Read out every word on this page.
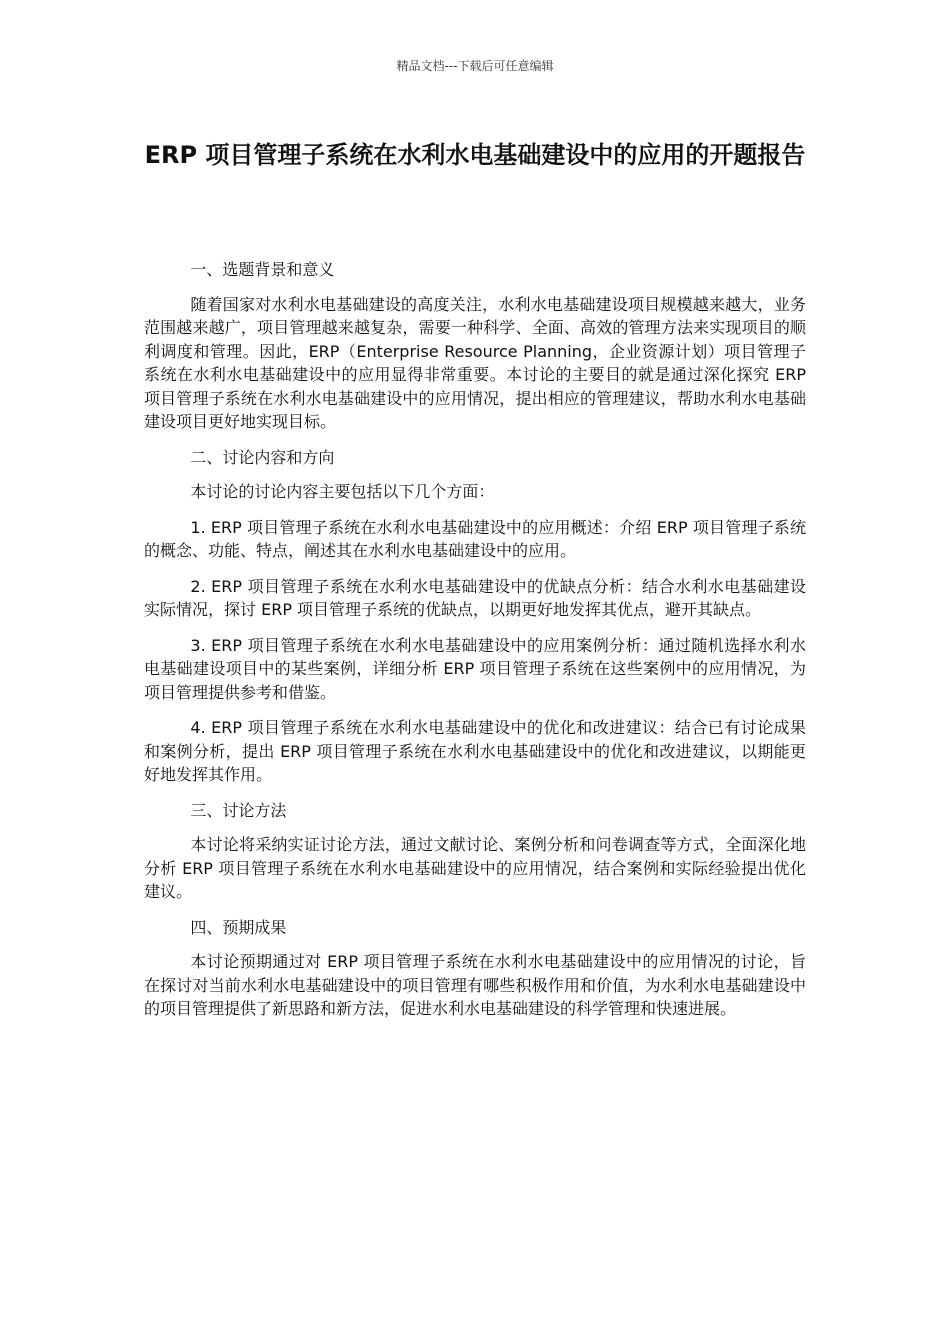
精品文档---下载后可任意编辑
ERP 项目管理子系统在水利水电基础建设中的应用的开题报告

一、选题背景和意义

随着国家对水利水电基础建设的高度关注，水利水电基础建设项目规模越来越大，业务范围越来越广，项目管理越来越复杂，需要一种科学、全面、高效的管理方法来实现项目的顺利调度和管理。因此，ERP（Enterprise Resource Planning，企业资源计划）项目管理子系统在水利水电基础建设中的应用显得非常重要。本讨论的主要目的就是通过深化探究 ERP 项目管理子系统在水利水电基础建设中的应用情况，提出相应的管理建议，帮助水利水电基础建设项目更好地实现目标。

二、讨论内容和方向

本讨论的讨论内容主要包括以下几个方面：

1. ERP 项目管理子系统在水利水电基础建设中的应用概述：介绍 ERP 项目管理子系统的概念、功能、特点，阐述其在水利水电基础建设中的应用。

2. ERP 项目管理子系统在水利水电基础建设中的优缺点分析：结合水利水电基础建设实际情况，探讨 ERP 项目管理子系统的优缺点，以期更好地发挥其优点，避开其缺点。

3. ERP 项目管理子系统在水利水电基础建设中的应用案例分析：通过随机选择水利水电基础建设项目中的某些案例，详细分析 ERP 项目管理子系统在这些案例中的应用情况，为项目管理提供参考和借鉴。

4. ERP 项目管理子系统在水利水电基础建设中的优化和改进建议：结合已有讨论成果和案例分析，提出 ERP 项目管理子系统在水利水电基础建设中的优化和改进建议，以期能更好地发挥其作用。

三、讨论方法

本讨论将采纳实证讨论方法，通过文献讨论、案例分析和问卷调查等方式，全面深化地分析 ERP 项目管理子系统在水利水电基础建设中的应用情况，结合案例和实际经验提出优化建议。

四、预期成果

本讨论预期通过对 ERP 项目管理子系统在水利水电基础建设中的应用情况的讨论，旨在探讨对当前水利水电基础建设中的项目管理有哪些积极作用和价值，为水利水电基础建设中的项目管理提供了新思路和新方法，促进水利水电基础建设的科学管理和快速进展。
